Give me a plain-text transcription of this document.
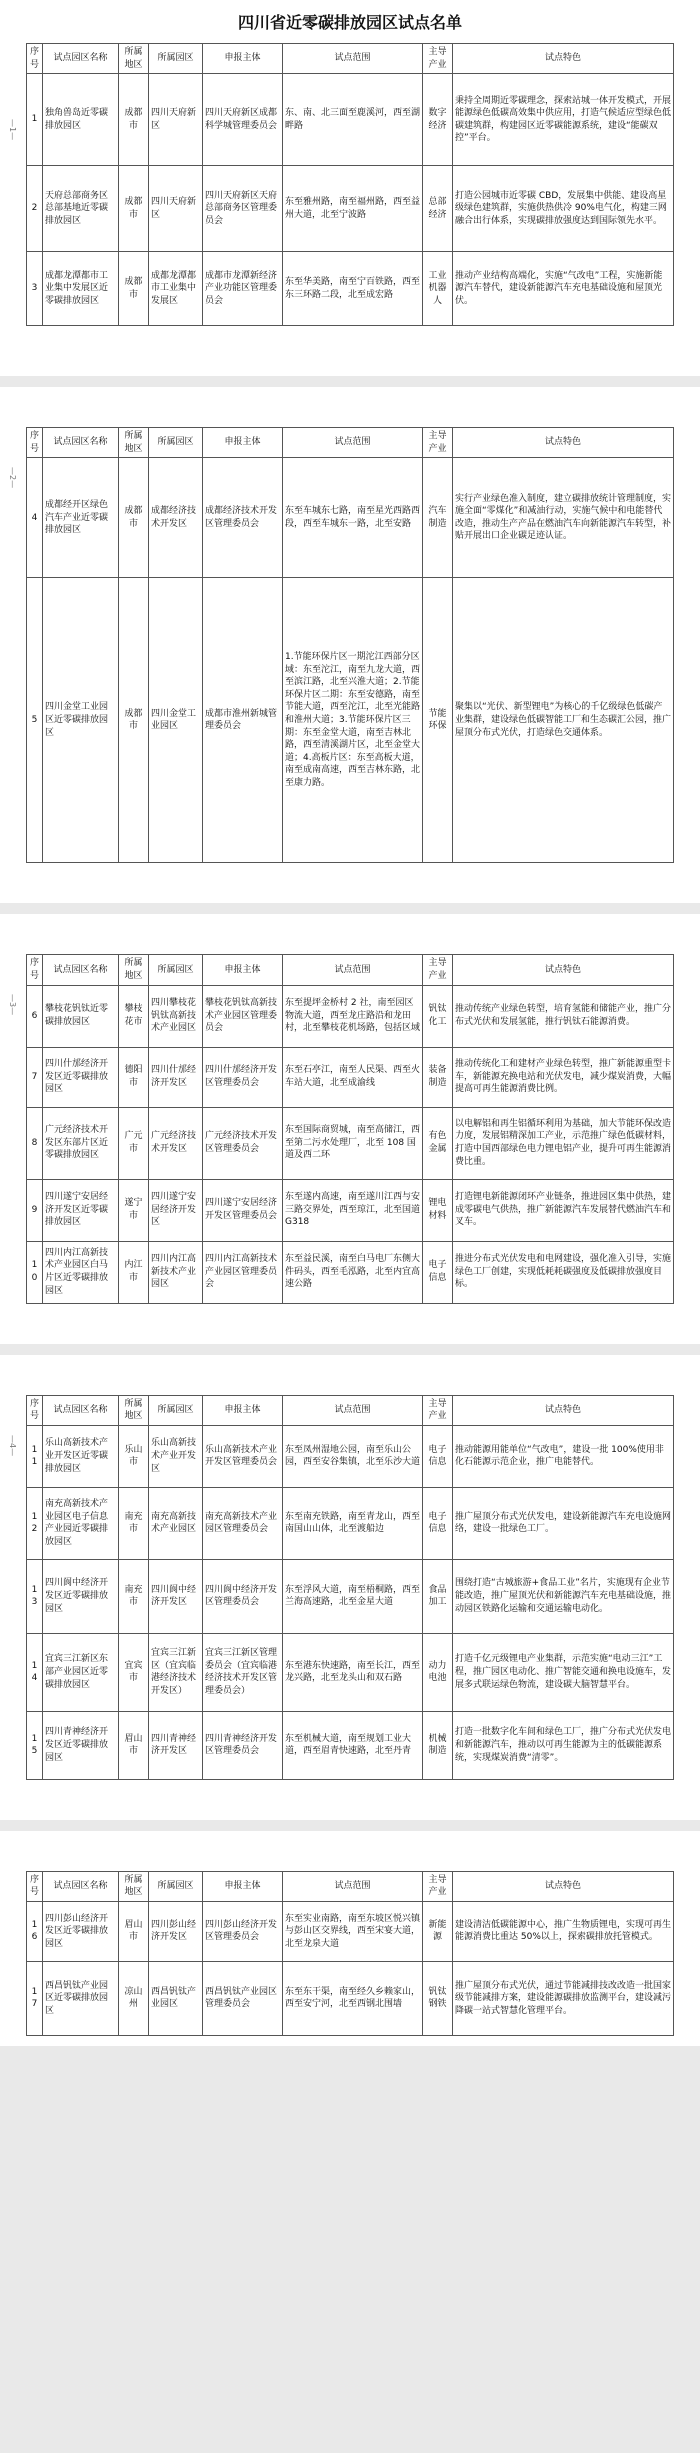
四川省近零碳排放园区试点名单
—1—
序号	试点园区名称	所属地区	所属园区	申报主体	试点范围	主导产业	试点特色
1	独角兽岛近零碳排放园区	成都市	四川天府新区	四川天府新区成都科学城管理委员会	东、南、北三面至鹿溪河，西至湖畔路	数字经济	秉持全周期近零碳理念，探索站城一体开发模式，开展能源绿色低碳高效集中供应用，打造气候适应型绿色低碳建筑群，构建园区近零碳能源系统，建设“能碳双控”平台。
2	天府总部商务区总部基地近零碳排放园区	成都市	四川天府新区	四川天府新区天府总部商务区管理委员会	东至雅州路，南至福州路，西至益州大道，北至宁波路	总部经济	打造公园城市近零碳 CBD，发展集中供能、建设高星级绿色建筑群，实施供热供冷 90%电气化，构建三网融合出行体系，实现碳排放强度达到国际领先水平。
3	成都龙潭都市工业集中发展区近零碳排放园区	成都市	成都龙潭都市工业集中发展区	成都市龙潭新经济产业功能区管理委员会	东至华美路，南至宁百铁路，西至东三环路二段，北至成宏路	工业机器人	推动产业结构高端化，实施“气改电”工程，实施新能源汽车替代，建设新能源汽车充电基础设施和屋顶光伏。
—2—
序号	试点园区名称	所属地区	所属园区	申报主体	试点范围	主导产业	试点特色
4	成都经开区绿色汽车产业近零碳排放园区	成都市	成都经济技术开发区	成都经济技术开发区管理委员会	东至车城东七路，南至星光西路西段，西至车城东一路，北至安路	汽车制造	实行产业绿色准入制度，建立碳排放统计管理制度，实施全面“零煤化”和减油行动，实施气候中和电能替代改造，推动生产产品在燃油汽车向新能源汽车转型，补贴开展出口企业碳足迹认证。
5	四川金堂工业园区近零碳排放园区	成都市	四川金堂工业园区	成都市淮州新城管理委员会	1.节能环保片区一期沱江西部分区域：东至沱江，南至九龙大道，西至滨江路，北至兴淮大道；2.节能环保片区二期：东至安德路，南至节能大道，西至沱江，北至光能路和淮州大道；3.节能环保片区三期：东至金堂大道，南至吉林北路，西至清溪湖片区，北至金堂大道；4.高板片区：东至高板大道，南至成南高速，西至吉林东路，北至康力路。	节能环保	聚集以“光伏、新型锂电”为核心的千亿级绿色低碳产业集群，建设绿色低碳智能工厂和生态碳汇公园，推广屋顶分布式光伏，打造绿色交通体系。
—3—
序号	试点园区名称	所属地区	所属园区	申报主体	试点范围	主导产业	试点特色
6	攀枝花钒钛近零碳排放园区	攀枝花市	四川攀枝花钒钛高新技术产业园区	攀枝花钒钛高新技术产业园区管理委员会	东至提坪金桥村 2 社，南至园区物流大道，西至龙庄路沿和龙田村，北至攀枝花机场路，包括区域	钒钛化工	推动传统产业绿色转型，培育氢能和储能产业，推广分布式光伏和发展氢能，推行钒钛石能源消费。
7	四川什邡经济开发区近零碳排放园区	德阳市	四川什邡经济开发区	四川什邡经济开发区管理委员会	东至石亭江，南至人民渠、西至火车站大道，北至成渝线	装备制造	推动传统化工和建材产业绿色转型，推广新能源重型卡车，新能源充换电站和光伏发电，减少煤炭消费，大幅提高可再生能源消费比例。
8	广元经济技术开发区东部片区近零碳排放园区	广元市	广元经济技术开发区	广元经济技术开发区管理委员会	东至国际商贸城，南至高储江，西至第二污水处理厂，北至 108 国道及西二环	有色金属	以电解铝和再生铝循环利用为基础，加大节能环保改造力度，发展铝精深加工产业，示范推广绿色低碳材料，打造中国西部绿色电力锂电铝产业，提升可再生能源消费比重。
9	四川遂宁安居经济开发区近零碳排放园区	遂宁市	四川遂宁安居经济开发区	四川遂宁安居经济开发区管理委员会	东至遂内高速，南至遂川江西与安三路交界处，西至琼江，北至国道 G318	锂电材料	打造锂电新能源闭环产业链条，推进园区集中供热，建成零碳电气供热，推广新能源汽车发展替代燃油汽车和叉车。
10	四川内江高新技术产业园区白马片区近零碳排放园区	内江市	四川内江高新技术产业园区	四川内江高新技术产业园区管理委员会	东至益民溪，南至白马电厂东侧大件码头，西至毛泓路，北至内宜高速公路	电子信息	推进分布式光伏发电和电网建设，强化准入引导，实施绿色工厂创建，实现低耗耗碳强度及低碳排放强度目标。
—4—
序号	试点园区名称	所属地区	所属园区	申报主体	试点范围	主导产业	试点特色
11	乐山高新技术产业开发区近零碳排放园区	乐山市	乐山高新技术产业开发区	乐山高新技术产业开发区管理委员会	东至凤州湿地公园，南至乐山公园，西至安谷集镇，北至乐沙大道	电子信息	推动能源用能单位“气改电”，建设一批 100%使用非化石能源示范企业，推广电能替代。
12	南充高新技术产业园区电子信息产业园近零碳排放园区	南充市	南充高新技术产业园区	南充高新技术产业园区管理委员会	东至南充铁路，南至青龙山，西至南国山山体，北至渡船边	电子信息	推广屋顶分布式光伏发电，建设新能源汽车充电设施网络，建设一批绿色工厂。
13	四川阆中经济开发区近零碳排放园区	南充市	四川阆中经济开发区	四川阆中经济开发区管理委员会	东至浮风大道，南至梧桐路，西至兰海高速路，北至金星大道	食品加工	围绕打造“古城旅游+食品工业”名片，实施现有企业节能改造，推广屋顶光伏和新能源汽车充电基础设施，推动园区铁路化运输和交通运输电动化。
14	宜宾三江新区东部产业园区近零碳排放园区	宜宾市	宜宾三江新区（宜宾临港经济技术开发区）	宜宾三江新区管理委员会（宜宾临港经济技术开发区管理委员会）	东至港东快速路，南至长江，西至龙兴路，北至龙头山和双石路	动力电池	打造千亿元级锂电产业集群，示范实施“电动三江”工程，推广园区电动化、推广智能交通和换电设施车，发展多式联运绿色物流，建设碳大脑智慧平台。
15	四川青神经济开发区近零碳排放园区	眉山市	四川青神经济开发区	四川青神经济开发区管理委员会	东至机械大道，南至规划工业大道，西至眉青快速路，北至丹青	机械制造	打造一批数字化车间和绿色工厂，推广分布式光伏发电和新能源汽车，推动以可再生能源为主的低碳能源系统，实现煤炭消费“清零”。
序号	试点园区名称	所属地区	所属园区	申报主体	试点范围	主导产业	试点特色
16	四川彭山经济开发区近零碳排放园区	眉山市	四川彭山经济开发区	四川彭山经济开发区管理委员会	东至实业南路，南至东坡区悦兴镇与彭山区交界线，西至宋宴大道，北至龙泉大道	新能源	建设清洁低碳能源中心，推广生物质锂电，实现可再生能源消费比重达 50%以上，探索碳排放托管模式。
17	西昌钒钛产业园区近零碳排放园区	凉山州	西昌钒钛产业园区	西昌钒钛产业园区管理委员会	东至东干渠，南至经久乡赖家山，西至安宁河，北至西钢北围墙	钒钛钢铁	推广屋顶分布式光伏，通过节能减排技改改造一批国家级节能减排方案，建设能源碳排放监测平台，建设减污降碳一站式智慧化管理平台。
